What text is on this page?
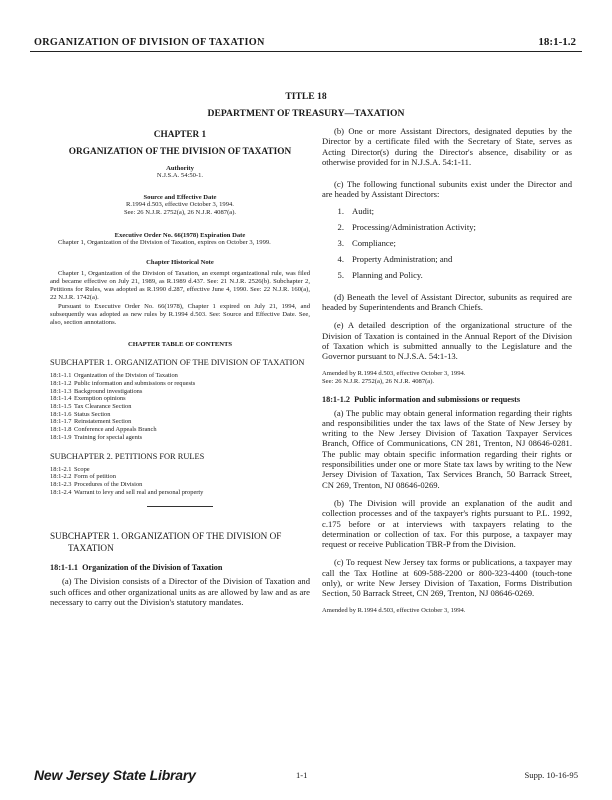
ORGANIZATION OF DIVISION OF TAXATION	18:1-1.2
TITLE 18
DEPARTMENT OF TREASURY—TAXATION
CHAPTER 1
ORGANIZATION OF THE DIVISION OF TAXATION
Authority
N.J.S.A. 54:50-1.
Source and Effective Date
R.1994 d.503, effective October 3, 1994.
See: 26 N.J.R. 2752(a), 26 N.J.R. 4087(a).
Executive Order No. 66(1978) Expiration Date

Chapter 1, Organization of the Division of Taxation, expires on October 3, 1999.

Chapter Historical Note

Chapter 1, Organization of the Division of Taxation, an exempt organizational rule, was filed and became effective on July 21, 1989, as R.1989 d.437. See: 21 N.J.R. 2526(b). Subchapter 2, Petitions for Rules, was adopted as R.1990 d.287, effective June 4, 1990. See: 22 N.J.R. 160(a), 22 N.J.R. 1742(a).

Pursuant to Executive Order No. 66(1978), Chapter 1 expired on July 21, 1994, and subsequently was adopted as new rules by R.1994 d.503. See: Source and Effective Date. See, also, section annotations.

CHAPTER TABLE OF CONTENTS
SUBCHAPTER 1. ORGANIZATION OF THE DIVISION OF TAXATION
18:1-1.1 Organization of the Division of Taxation
18:1-1.2 Public information and submissions or requests
18:1-1.3 Background investigations
18:1-1.4 Exemption opinions
18:1-1.5 Tax Clearance Section
18:1-1.6 Status Section
18:1-1.7 Reinstatement Section
18:1-1.8 Conference and Appeals Branch
18:1-1.9 Training for special agents
SUBCHAPTER 2. PETITIONS FOR RULES
18:1-2.1 Scope
18:1-2.2 Form of petition
18:1-2.3 Procedures of the Division
18:1-2.4 Warrant to levy and sell real and personal property
SUBCHAPTER 1. ORGANIZATION OF THE DIVISION OF TAXATION
18:1-1.1 Organization of the Division of Taxation

(a) The Division consists of a Director of the Division of Taxation and such offices and other organizational units as are allowed by law and as are necessary to carry out the Division's statutory mandates.

(b) One or more Assistant Directors, designated deputies by the Director by a certificate filed with the Secretary of State, serves as Acting Director(s) during the Director's absence, disability or as otherwise provided for in N.J.S.A. 54:1-11.

(c) The following functional subunits exist under the Director and are headed by Assistant Directors:

1. Audit;
2. Processing/Administration Activity;
3. Compliance;
4. Property Administration; and
5. Planning and Policy.

(d) Beneath the level of Assistant Director, subunits as required are headed by Superintendents and Branch Chiefs.

(e) A detailed description of the organizational structure of the Division of Taxation is contained in the Annual Report of the Division of Taxation which is submitted annually to the Legislature and the Governor pursuant to N.J.S.A. 54:1-13.

Amended by R.1994 d.503, effective October 3, 1994.
See: 26 N.J.R. 2752(a), 26 N.J.R. 4087(a).
18:1-1.2 Public information and submissions or requests

(a) The public may obtain general information regarding their rights and responsibilities under the tax laws of the State of New Jersey by writing to the New Jersey Division of Taxation Taxpayer Services Branch, Office of Communications, CN 281, Trenton, NJ 08646-0281. The public may obtain specific information regarding their rights or responsibilities under one or more State tax laws by writing to the New Jersey Division of Taxation, Tax Services Branch, 50 Barrack Street, CN 269, Trenton, NJ 08646-0269.

(b) The Division will provide an explanation of the audit and collection processes and of the taxpayer's rights pursuant to P.L. 1992, c.175 before or at interviews with taxpayers relating to the determination or collection of tax. For this purpose, a taxpayer may request or receive Publication TBR-P from the Division.

(c) To request New Jersey tax forms or publications, a taxpayer may call the Tax Hotline at 609-588-2200 or 800-323-4400 (touch-tone only), or write New Jersey Division of Taxation, Forms Distribution Section, 50 Barrack Street, CN 269, Trenton, NJ 08646-0269.

Amended by R.1994 d.503, effective October 3, 1994.
New Jersey State Library	1-1	Supp. 10-16-95
